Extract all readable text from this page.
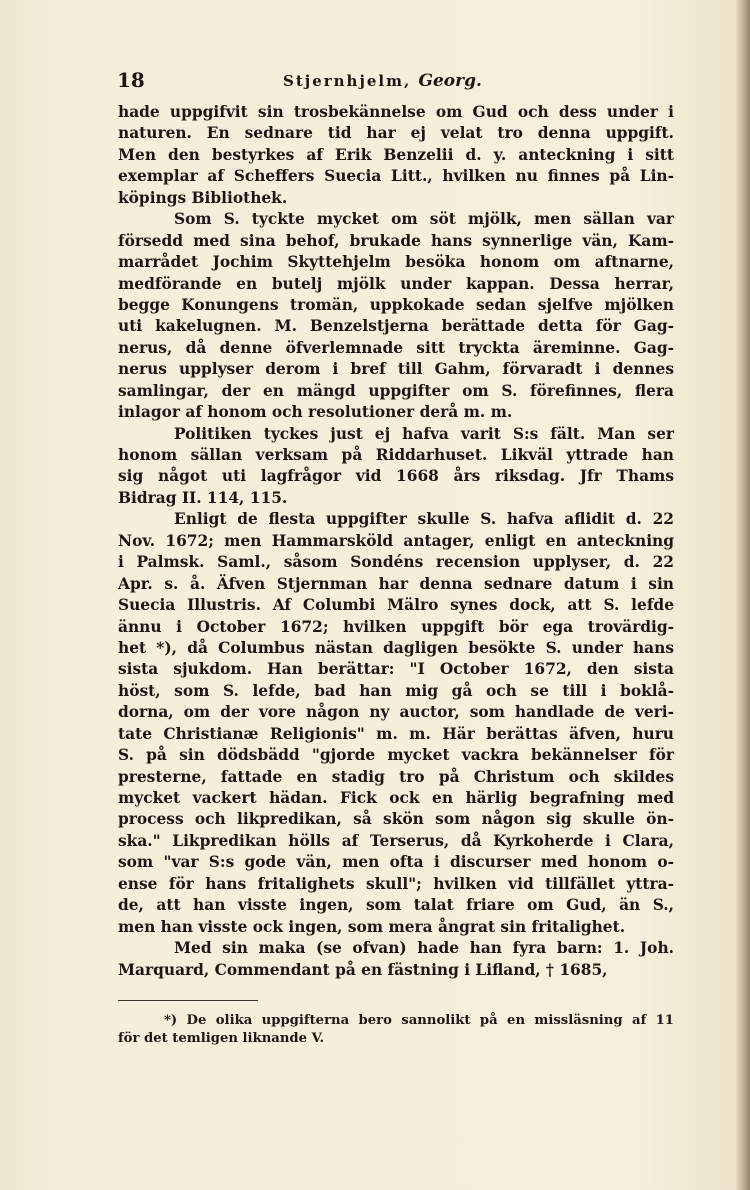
18	Stjernhjelm, Georg.
hade uppgifvit sin trosbekännelse om Gud och dess under i
naturen. En sednare tid har ej velat tro denna uppgift.
Men den bestyrkes af Erik Benzelii d. y. anteckning i sitt
exemplar af Scheffers Suecia Litt., hvilken nu finnes på Lin-
köpings Bibliothek.
Som S. tyckte mycket om söt mjölk, men sällan var
försedd med sina behof, brukade hans synnerlige vän, Kam-
marrådet Jochim Skyttehjelm besöka honom om aftnarne,
medförande en butelj mjölk under kappan. Dessa herrar,
begge Konungens tromän, uppkokade sedan sjelfve mjölken
uti kakelugnen. M. Benzelstjerna berättade detta för Gag-
nerus, då denne öfverlemnade sitt tryckta äreminne. Gag-
nerus upplyser derom i bref till Gahm, förvaradt i dennes
samlingar, der en mängd uppgifter om S. förefinnes, flera
inlagor af honom och resolutioner derå m. m.
Politiken tyckes just ej hafva varit S:s fält. Man ser
honom sällan verksam på Riddarhuset. Likväl yttrade han
sig något uti lagfrågor vid 1668 års riksdag. Jfr Thams
Bidrag II. 114, 115.
Enligt de flesta uppgifter skulle S. hafva aflidit d. 22
Nov. 1672; men Hammarsköld antager, enligt en anteckning
i Palmsk. Saml., såsom Sondéns recension upplyser, d. 22
Apr. s. å. Äfven Stjernman har denna sednare datum i sin
Suecia Illustris. Af Columbi Mälro synes dock, att S. lefde
ännu i October 1672; hvilken uppgift bör ega trovärdig-
het *), då Columbus nästan dagligen besökte S. under hans
sista sjukdom. Han berättar: "I October 1672, den sista
höst, som S. lefde, bad han mig gå och se till i boklå-
dorna, om der vore någon ny auctor, som handlade de veri-
tate Christianæ Religionis" m. m. Här berättas äfven, huru
S. på sin dödsbädd "gjorde mycket vackra bekännelser för
presterne, fattade en stadig tro på Christum och skildes
mycket vackert hädan. Fick ock en härlig begrafning med
process och likpredikan, så skön som någon sig skulle ön-
ska." Likpredikan hölls af Terserus, då Kyrkoherde i Clara,
som "var S:s gode vän, men ofta i discurser med honom o-
ense för hans fritalighets skull"; hvilken vid tillfället yttra-
de, att han visste ingen, som talat friare om Gud, än S.,
men han visste ock ingen, som mera ångrat sin fritalighet.
Med sin maka (se ofvan) hade han fyra barn: 1. Joh.
Marquard, Commendant på en fästning i Lifland, † 1685,
*) De olika uppgifterna bero sannolikt på en missläsning af 11
för det temligen liknande V.
